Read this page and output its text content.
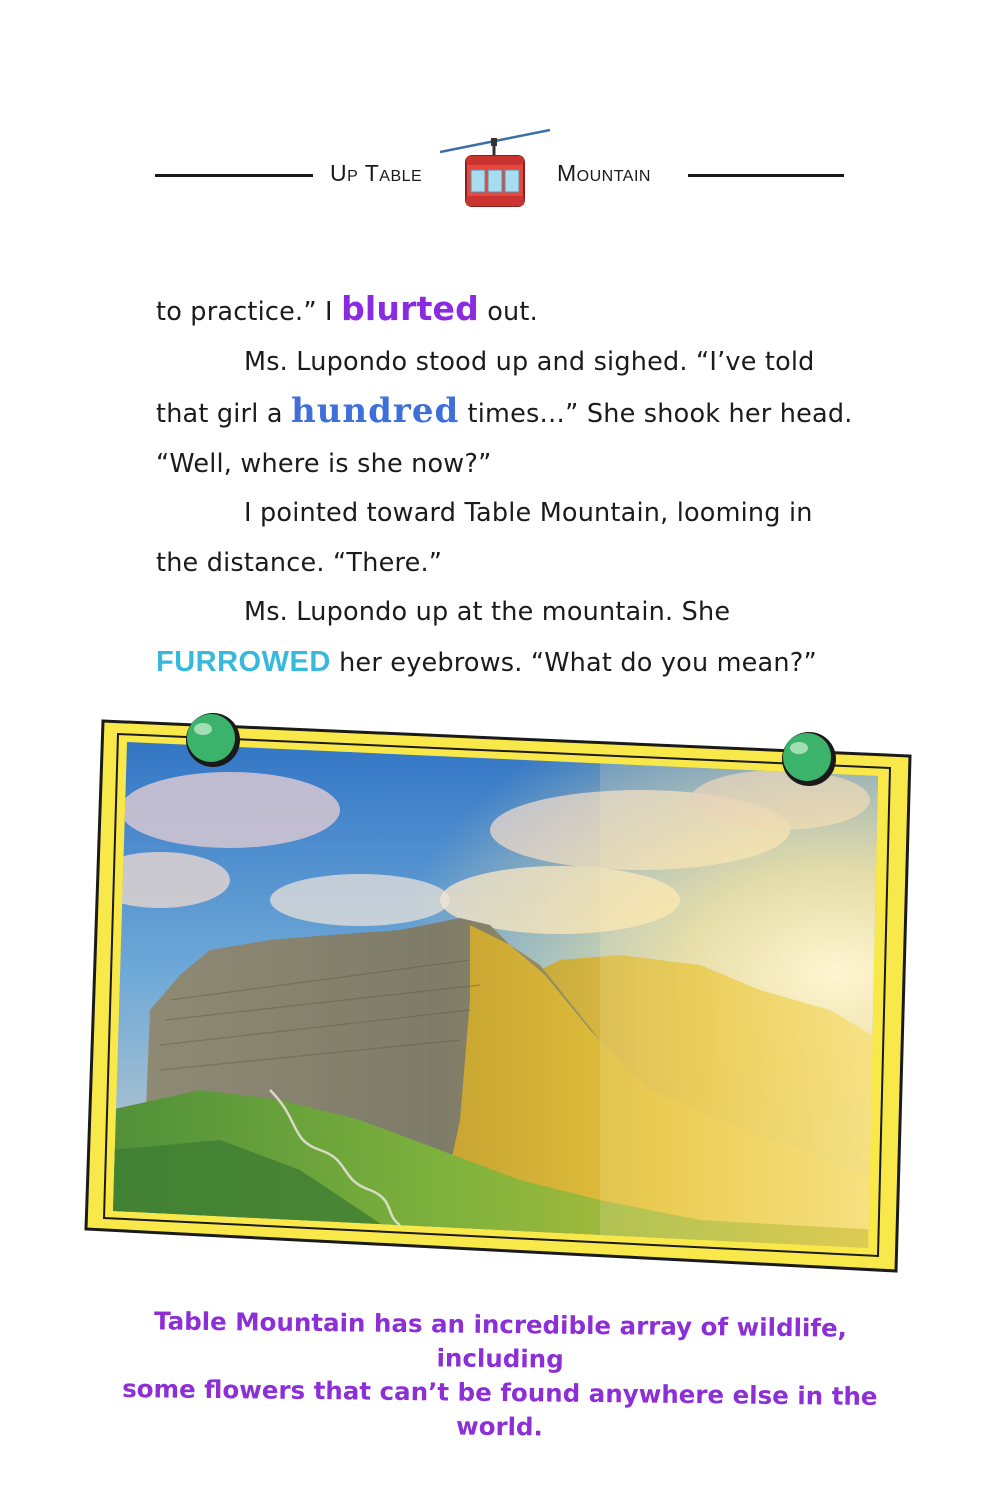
Up Table	Mountain

to practice.” I blurted out.

Ms. Lupondo stood up and sighed. “I’ve told that girl a hundred times…” She shook her head. “Well, where is she now?”

I pointed toward Table Mountain, looming in the distance. “There.”

Ms. Lupondo up at the mountain. She FURROWED her eyebrows. “What do you mean?”

Table Mountain has an incredible array of wildlife, including
some flowers that can’t be found anywhere else in the world.
